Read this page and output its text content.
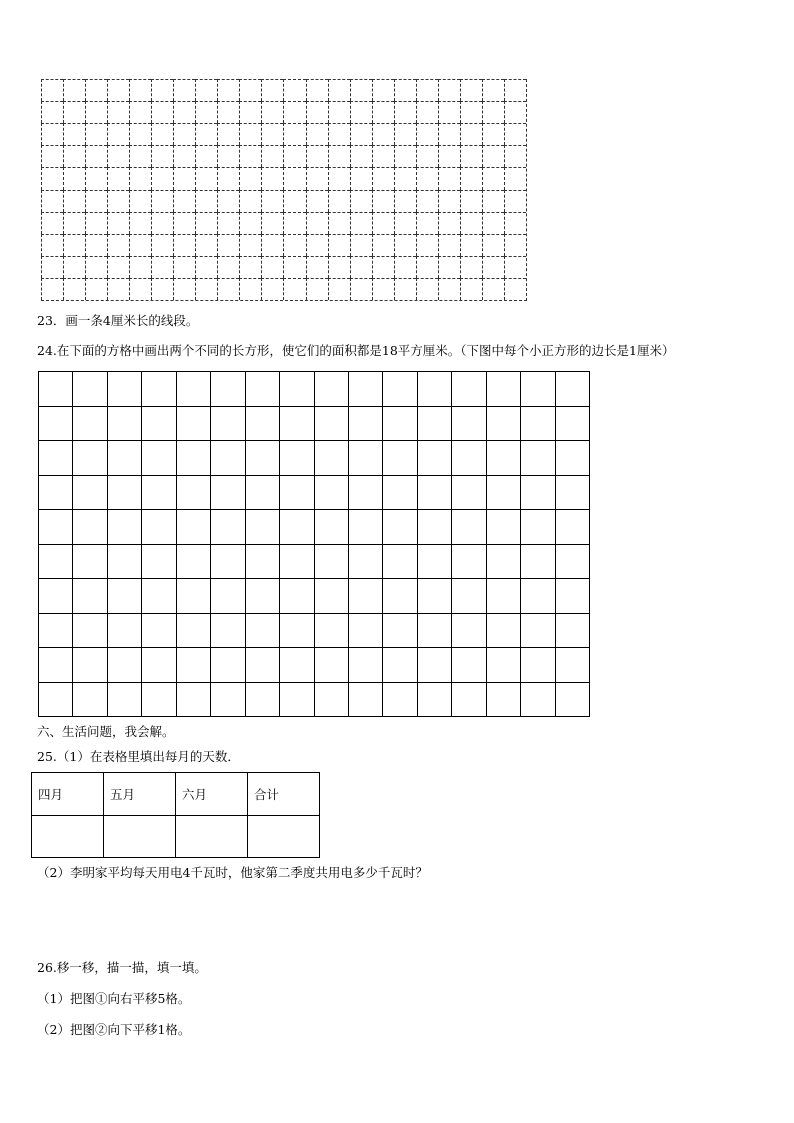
23．画一条4厘米长的线段。
24.在下面的方格中画出两个不同的长方形，使它们的面积都是18平方厘米。（下图中每个小正方形的边长是1厘米）
六、生活问题，我会解。
25.（1）在表格里填出每月的天数．
四月	五月	六月	合计

（2）李明家平均每天用电4千瓦时，他家第二季度共用电多少千瓦时？
26.移一移，描一描，填一填。
（1）把图①向右平移5格。
（2）把图②向下平移1格。
